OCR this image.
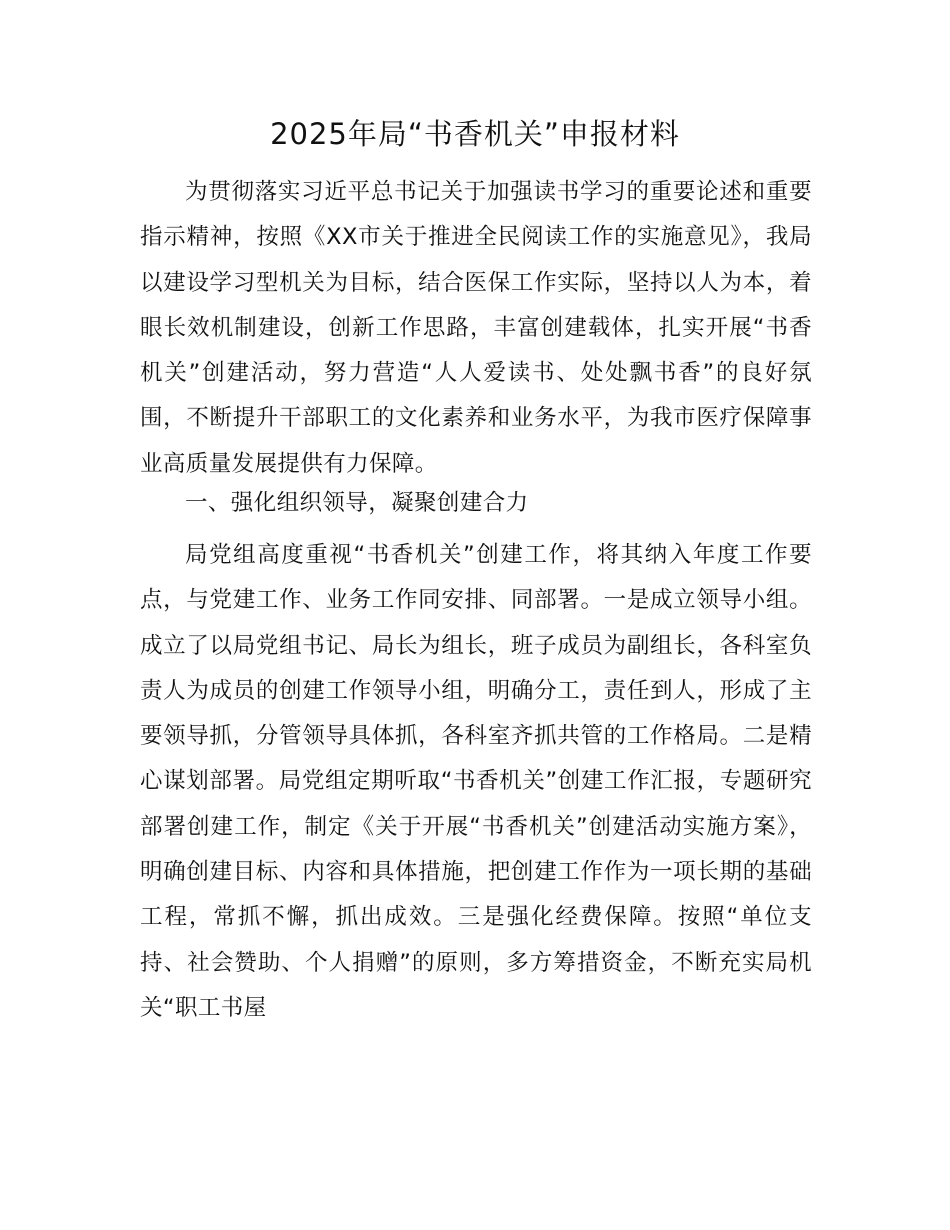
2025年局“书香机关”申报材料

为贯彻落实习近平总书记关于加强读书学习的重要论述和重要指示精神，按照《XX市关于推进全民阅读工作的实施意见》，我局以建设学习型机关为目标，结合医保工作实际，坚持以人为本，着眼长效机制建设，创新工作思路，丰富创建载体，扎实开展“书香机关”创建活动，努力营造“人人爱读书、处处飘书香”的良好氛围，不断提升干部职工的文化素养和业务水平，为我市医疗保障事业高质量发展提供有力保障。

一、强化组织领导，凝聚创建合力

局党组高度重视“书香机关”创建工作，将其纳入年度工作要点，与党建工作、业务工作同安排、同部署。一是成立领导小组。成立了以局党组书记、局长为组长，班子成员为副组长，各科室负责人为成员的创建工作领导小组，明确分工，责任到人，形成了主要领导抓，分管领导具体抓，各科室齐抓共管的工作格局。二是精心谋划部署。局党组定期听取“书香机关”创建工作汇报，专题研究部署创建工作，制定《关于开展“书香机关”创建活动实施方案》，明确创建目标、内容和具体措施，把创建工作作为一项长期的基础工程，常抓不懈，抓出成效。三是强化经费保障。按照“单位支持、社会赞助、个人捐赠”的原则，多方筹措资金，不断充实局机关“职工书屋
